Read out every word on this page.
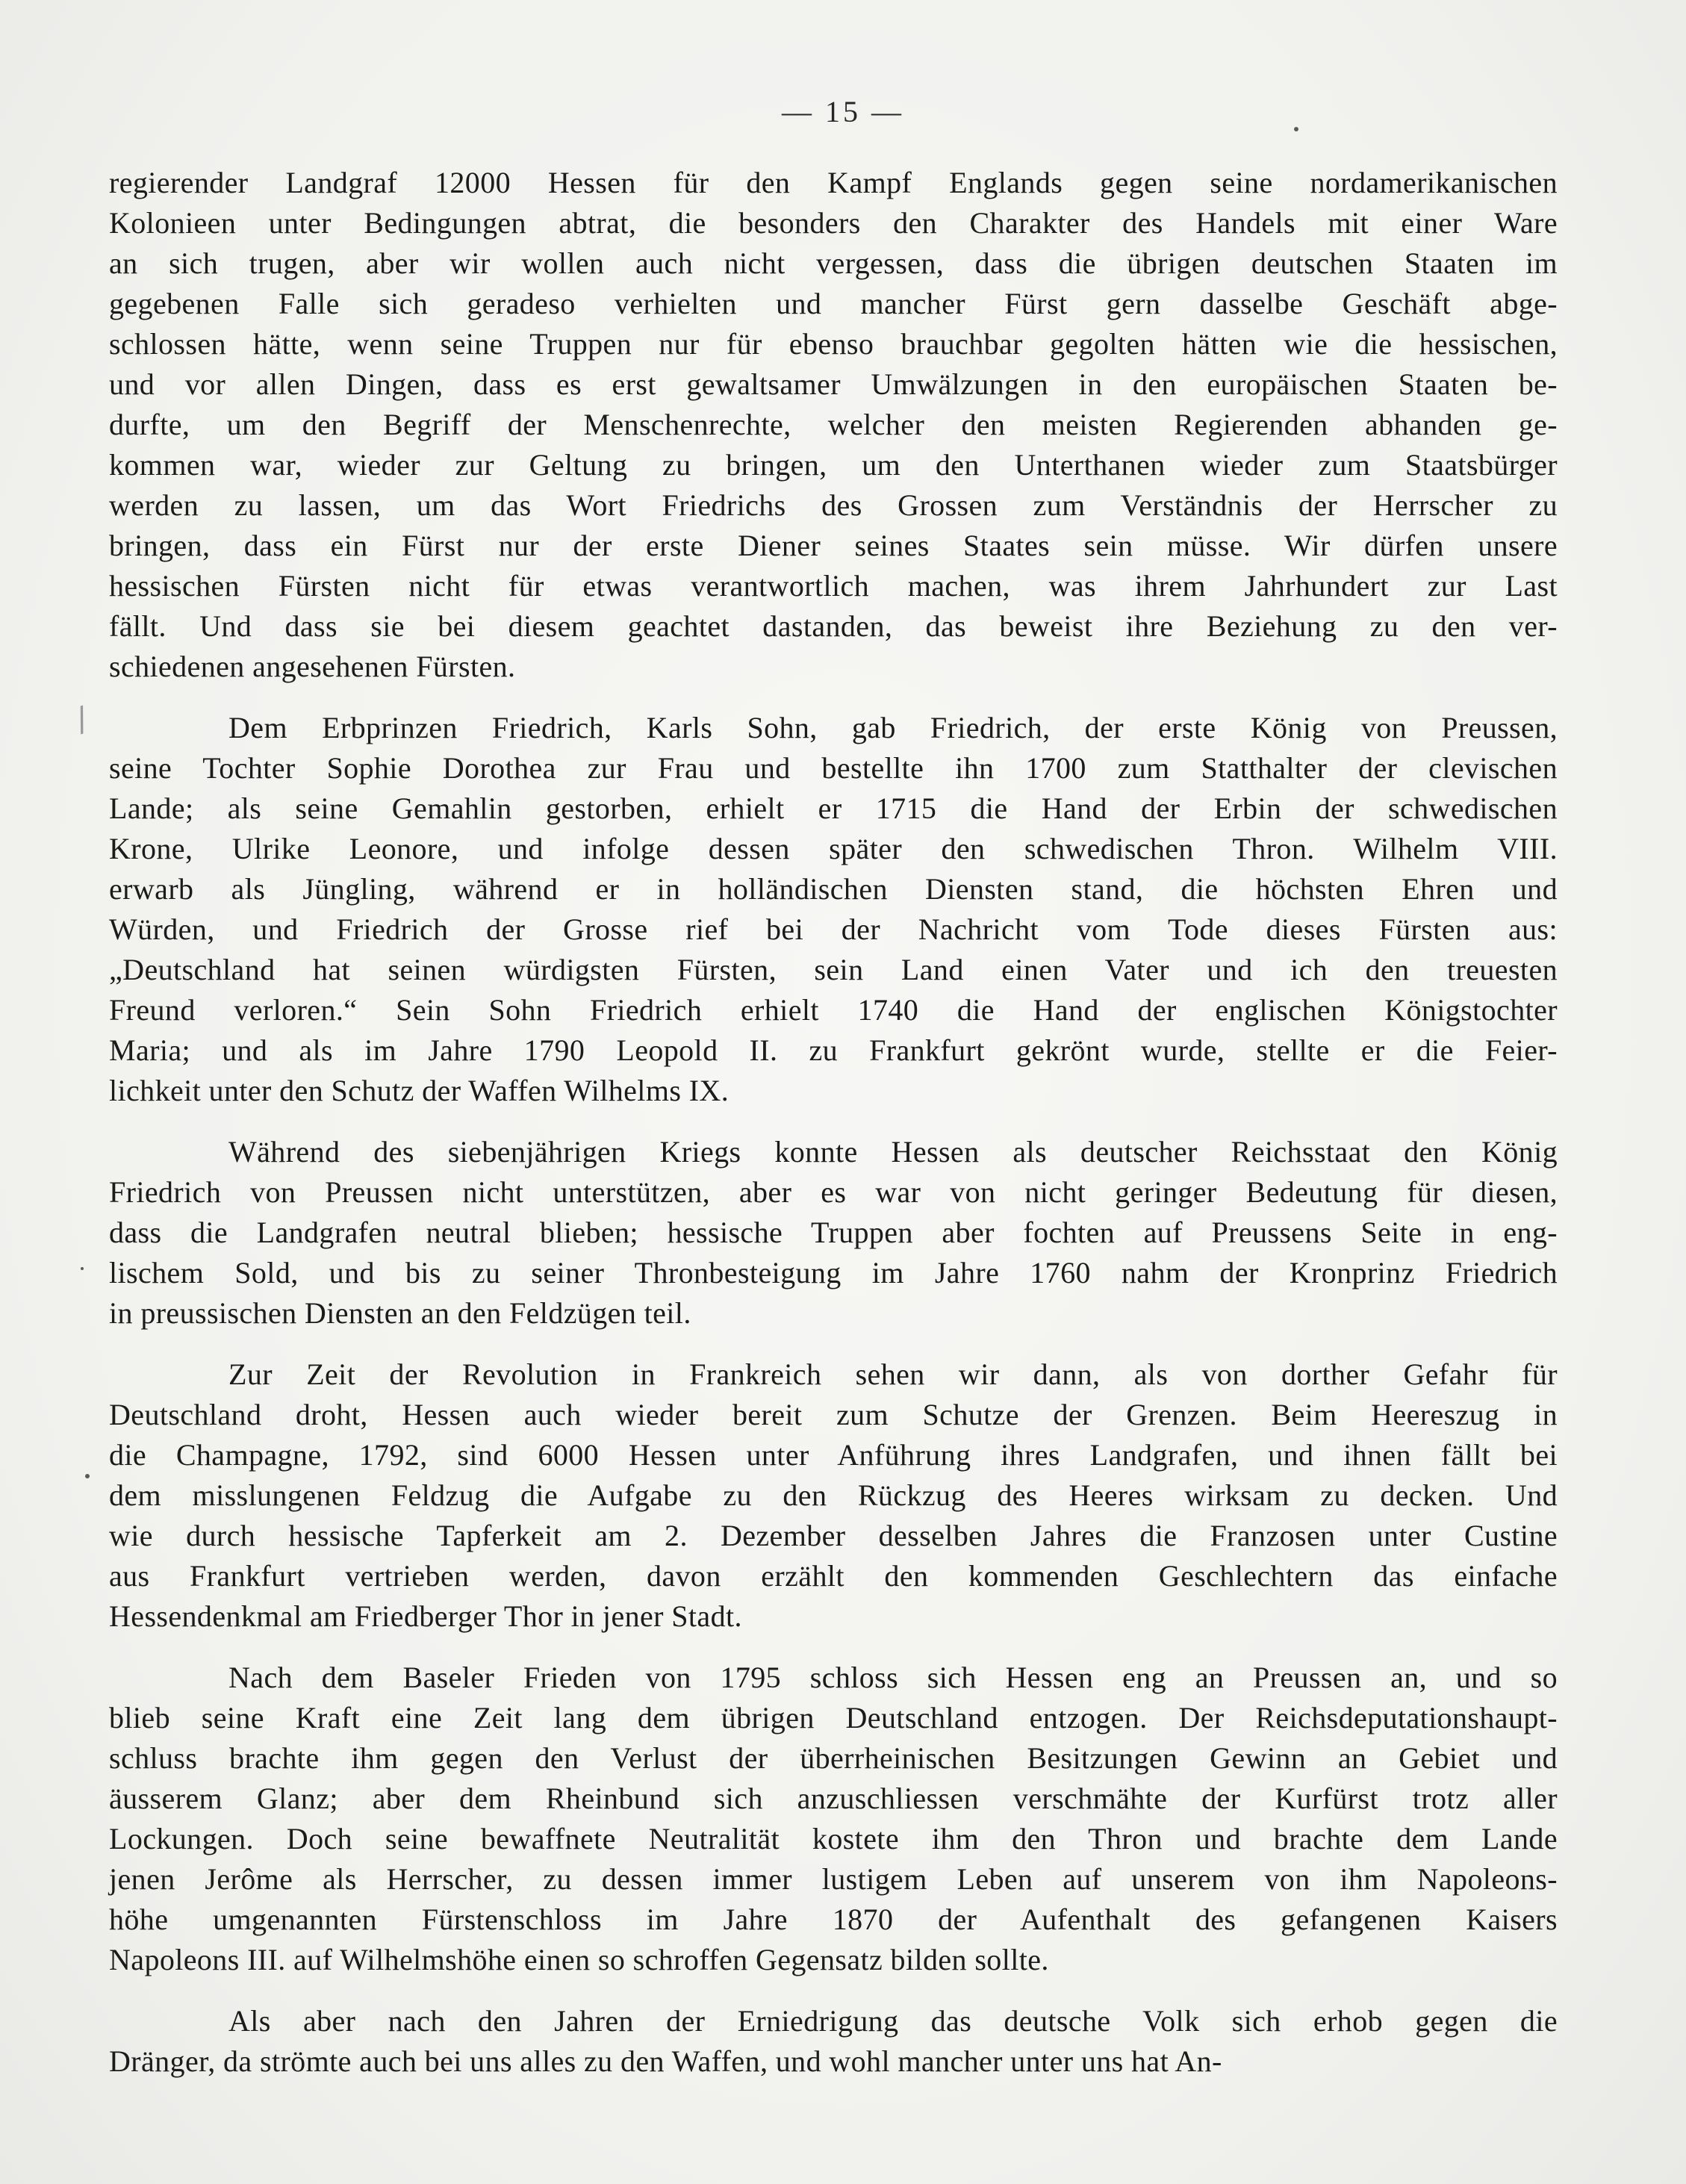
— 15 —
/
regierender Landgraf 12000 Hessen für den Kampf Englands gegen seine nordamerikanischen
Kolonieen unter Bedingungen abtrat, die besonders den Charakter des Handels mit einer Ware
an sich trugen, aber wir wollen auch nicht vergessen, dass die übrigen deutschen Staaten im
gegebenen Falle sich geradeso verhielten und mancher Fürst gern dasselbe Geschäft abge-
schlossen hätte, wenn seine Truppen nur für ebenso brauchbar gegolten hätten wie die hessischen,
und vor allen Dingen, dass es erst gewaltsamer Umwälzungen in den europäischen Staaten be-
durfte, um den Begriff der Menschenrechte, welcher den meisten Regierenden abhanden ge-
kommen war, wieder zur Geltung zu bringen, um den Unterthanen wieder zum Staatsbürger
werden zu lassen, um das Wort Friedrichs des Grossen zum Verständnis der Herrscher zu
bringen, dass ein Fürst nur der erste Diener seines Staates sein müsse. Wir dürfen unsere
hessischen Fürsten nicht für etwas verantwortlich machen, was ihrem Jahrhundert zur Last
fällt. Und dass sie bei diesem geachtet dastanden, das beweist ihre Beziehung zu den ver-
schiedenen angesehenen Fürsten.
Dem Erbprinzen Friedrich, Karls Sohn, gab Friedrich, der erste König von Preussen,
seine Tochter Sophie Dorothea zur Frau und bestellte ihn 1700 zum Statthalter der clevischen
Lande; als seine Gemahlin gestorben, erhielt er 1715 die Hand der Erbin der schwedischen
Krone, Ulrike Leonore, und infolge dessen später den schwedischen Thron. Wilhelm VIII.
erwarb als Jüngling, während er in holländischen Diensten stand, die höchsten Ehren und
Würden, und Friedrich der Grosse rief bei der Nachricht vom Tode dieses Fürsten aus:
„Deutschland hat seinen würdigsten Fürsten, sein Land einen Vater und ich den treuesten
Freund verloren.“ Sein Sohn Friedrich erhielt 1740 die Hand der englischen Königstochter
Maria; und als im Jahre 1790 Leopold II. zu Frankfurt gekrönt wurde, stellte er die Feier-
lichkeit unter den Schutz der Waffen Wilhelms IX.
Während des siebenjährigen Kriegs konnte Hessen als deutscher Reichsstaat den König
Friedrich von Preussen nicht unterstützen, aber es war von nicht geringer Bedeutung für diesen,
dass die Landgrafen neutral blieben; hessische Truppen aber fochten auf Preussens Seite in eng-
lischem Sold, und bis zu seiner Thronbesteigung im Jahre 1760 nahm der Kronprinz Friedrich
in preussischen Diensten an den Feldzügen teil.
Zur Zeit der Revolution in Frankreich sehen wir dann, als von dorther Gefahr für
Deutschland droht, Hessen auch wieder bereit zum Schutze der Grenzen. Beim Heereszug in
die Champagne, 1792, sind 6000 Hessen unter Anführung ihres Landgrafen, und ihnen fällt bei
dem misslungenen Feldzug die Aufgabe zu den Rückzug des Heeres wirksam zu decken. Und
wie durch hessische Tapferkeit am 2. Dezember desselben Jahres die Franzosen unter Custine
aus Frankfurt vertrieben werden, davon erzählt den kommenden Geschlechtern das einfache
Hessendenkmal am Friedberger Thor in jener Stadt.
Nach dem Baseler Frieden von 1795 schloss sich Hessen eng an Preussen an, und so
blieb seine Kraft eine Zeit lang dem übrigen Deutschland entzogen. Der Reichsdeputationshaupt-
schluss brachte ihm gegen den Verlust der überrheinischen Besitzungen Gewinn an Gebiet und
äusserem Glanz; aber dem Rheinbund sich anzuschliessen verschmähte der Kurfürst trotz aller
Lockungen. Doch seine bewaffnete Neutralität kostete ihm den Thron und brachte dem Lande
jenen Jerôme als Herrscher, zu dessen immer lustigem Leben auf unserem von ihm Napoleons-
höhe umgenannten Fürstenschloss im Jahre 1870 der Aufenthalt des gefangenen Kaisers
Napoleons III. auf Wilhelmshöhe einen so schroffen Gegensatz bilden sollte.
Als aber nach den Jahren der Erniedrigung das deutsche Volk sich erhob gegen die
Dränger, da strömte auch bei uns alles zu den Waffen, und wohl mancher unter uns hat An-
